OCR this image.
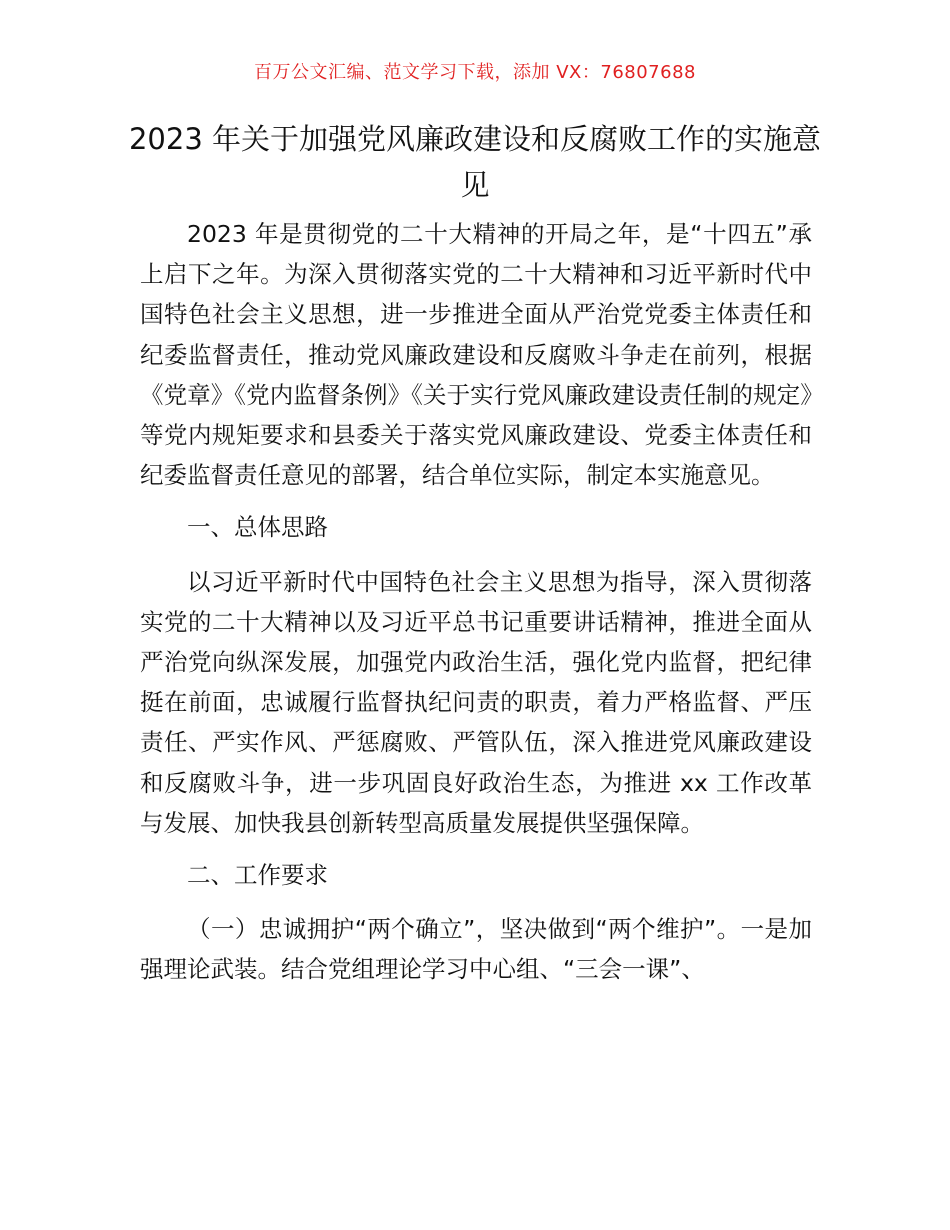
百万公文汇编、范文学习下载，添加 VX：76807688
2023 年关于加强党风廉政建设和反腐败工作的实施意见

2023 年是贯彻党的二十大精神的开局之年，是“十四五”承上启下之年。为深入贯彻落实党的二十大精神和习近平新时代中国特色社会主义思想，进一步推进全面从严治党党委主体责任和纪委监督责任，推动党风廉政建设和反腐败斗争走在前列，根据《党章》《党内监督条例》《关于实行党风廉政建设责任制的规定》等党内规矩要求和县委关于落实党风廉政建设、党委主体责任和纪委监督责任意见的部署，结合单位实际，制定本实施意见。

一、总体思路

以习近平新时代中国特色社会主义思想为指导，深入贯彻落实党的二十大精神以及习近平总书记重要讲话精神，推进全面从严治党向纵深发展，加强党内政治生活，强化党内监督，把纪律挺在前面，忠诚履行监督执纪问责的职责，着力严格监督、严压责任、严实作风、严惩腐败、严管队伍，深入推进党风廉政建设和反腐败斗争，进一步巩固良好政治生态，为推进 xx 工作改革与发展、加快我县创新转型高质量发展提供坚强保障。

二、工作要求

（一）忠诚拥护“两个确立”，坚决做到“两个维护”。一是加强理论武装。结合党组理论学习中心组、“三会一课”、
